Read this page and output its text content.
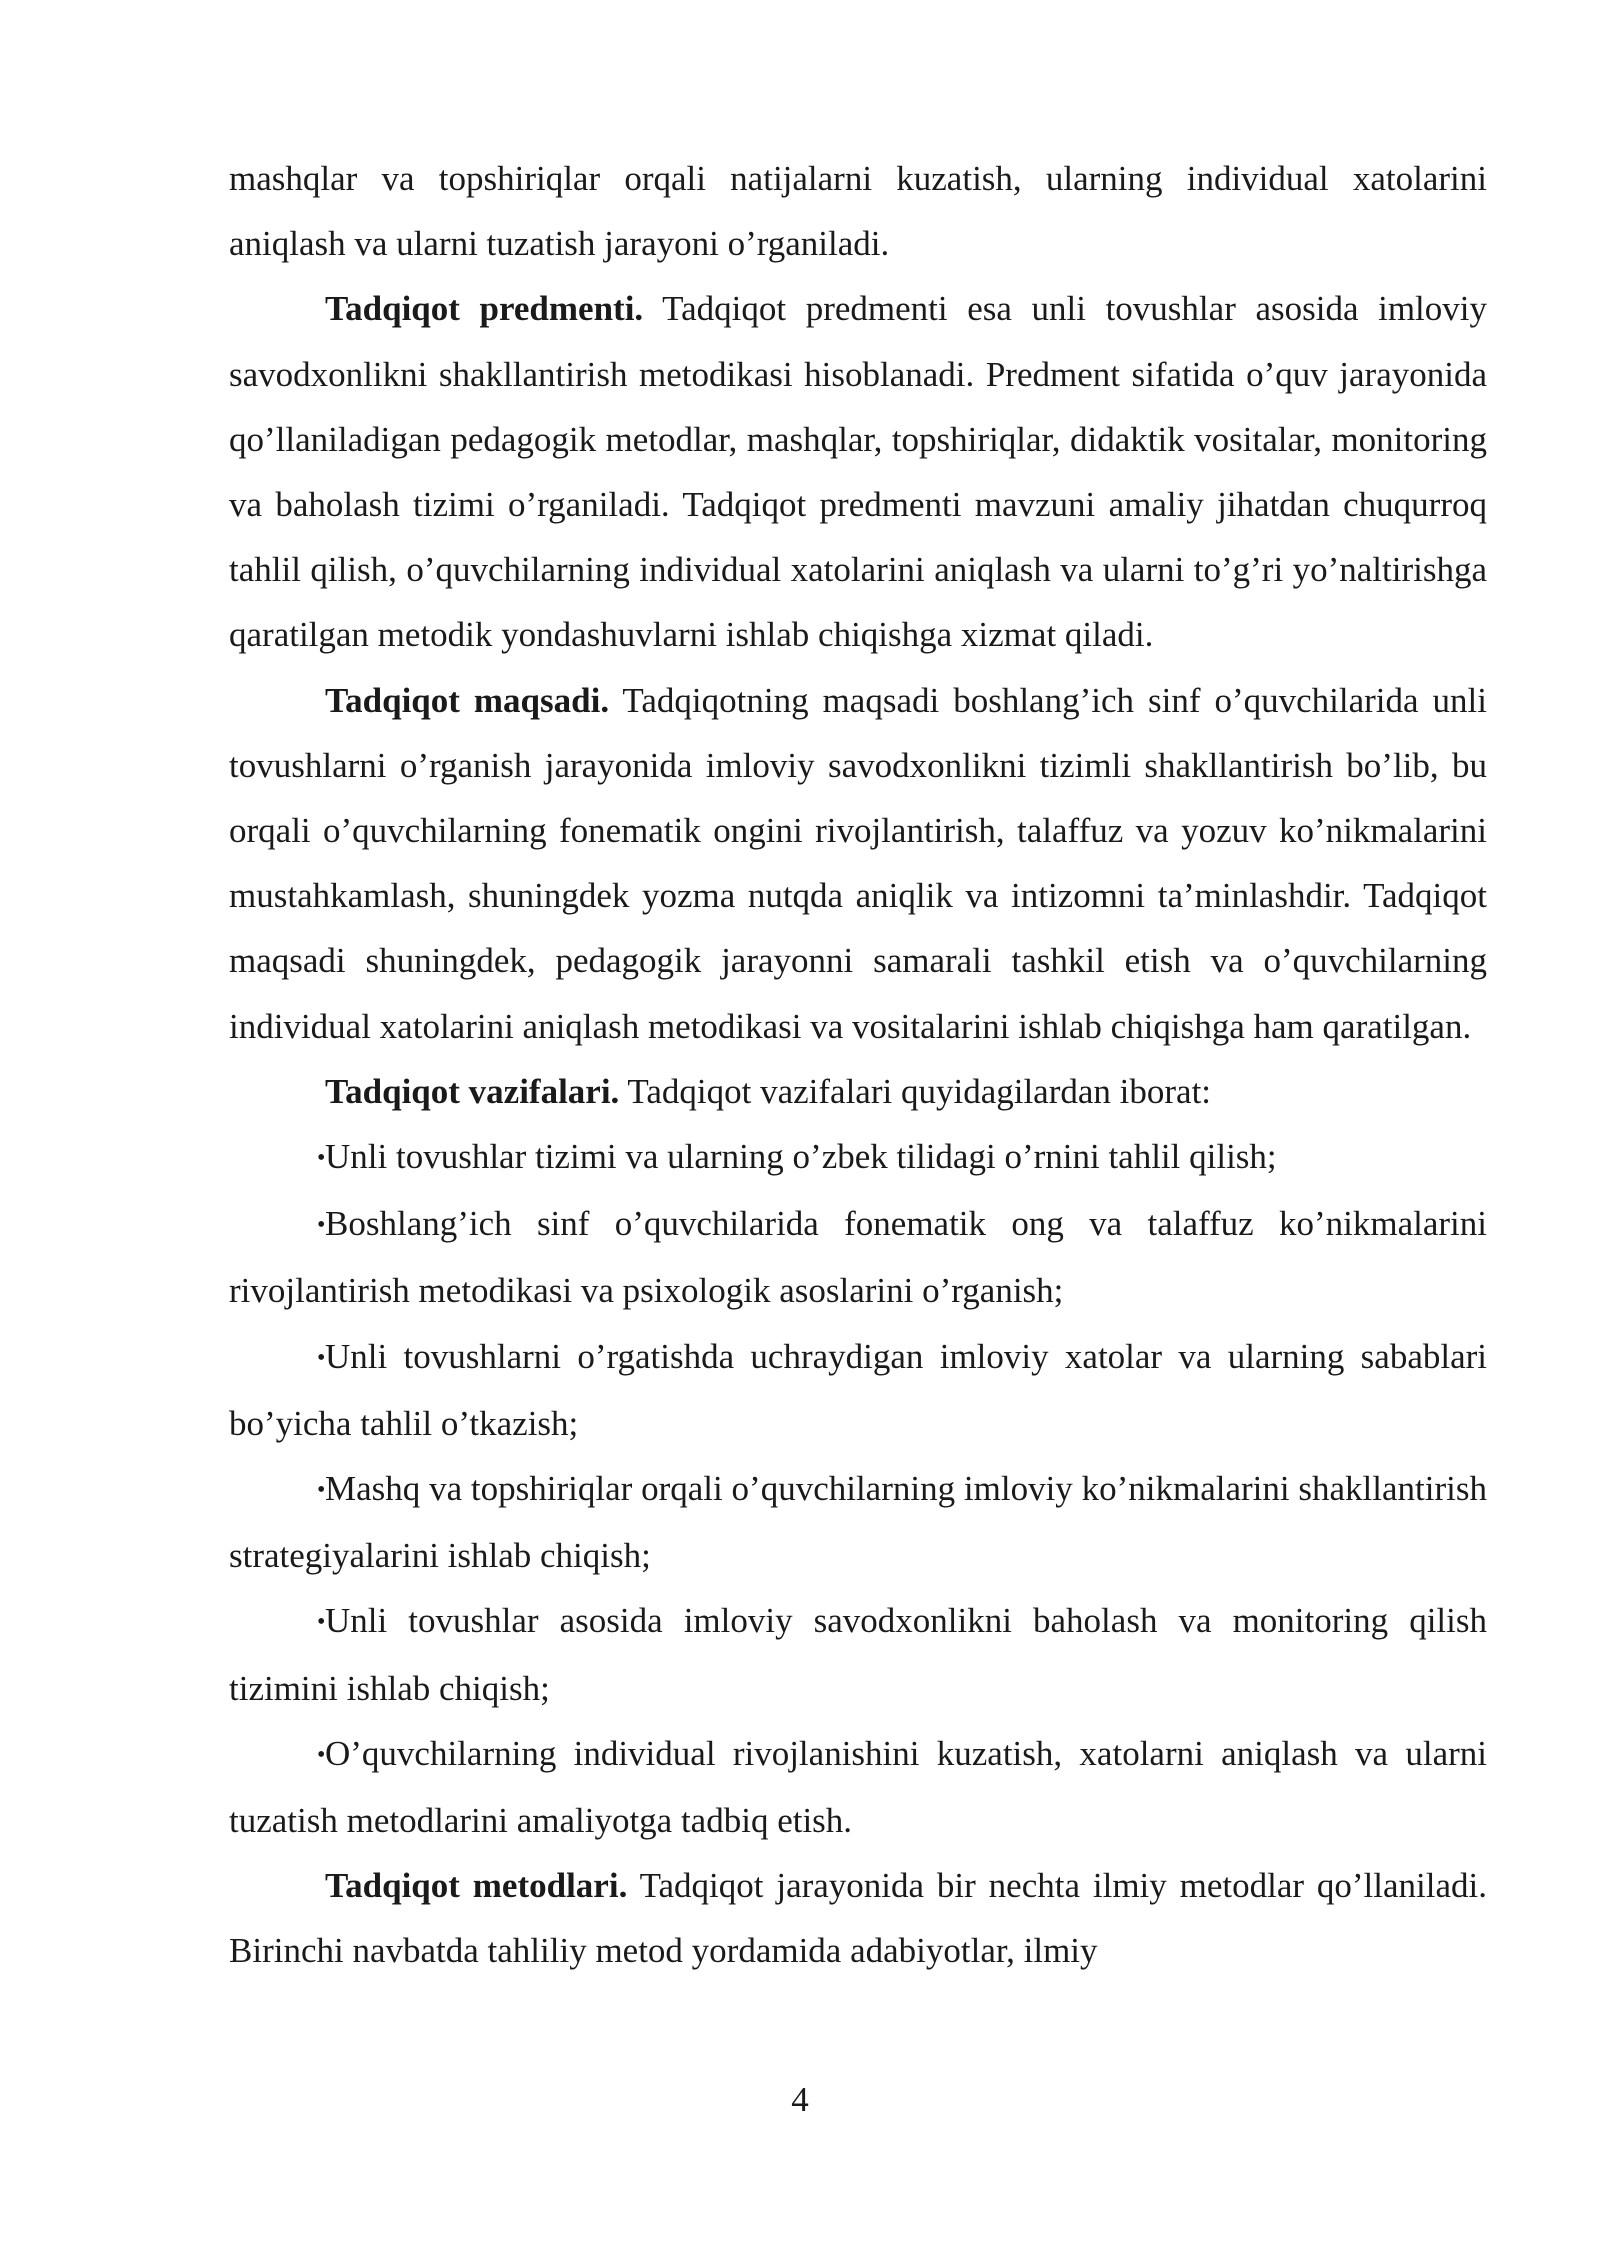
mashqlar va topshiriqlar orqali natijalarni kuzatish, ularning individual xatolarini aniqlash va ularni tuzatish jarayoni o’rganiladi.

Tadqiqot predmenti. Tadqiqot predmenti esa unli tovushlar asosida imloviy savodxonlikni shakllantirish metodikasi hisoblanadi. Predment sifatida o’quv jarayonida qo’llaniladigan pedagogik metodlar, mashqlar, topshiriqlar, didaktik vositalar, monitoring va baholash tizimi o’rganiladi. Tadqiqot predmenti mavzuni amaliy jihatdan chuqurroq tahlil qilish, o’quvchilarning individual xatolarini aniqlash va ularni to’g’ri yo’naltirishga qaratilgan metodik yondashuvlarni ishlab chiqishga xizmat qiladi.

Tadqiqot maqsadi. Tadqiqotning maqsadi boshlang’ich sinf o’quvchilarida unli tovushlarni o’rganish jarayonida imloviy savodxonlikni tizimli shakllantirish bo’lib, bu orqali o’quvchilarning fonematik ongini rivojlantirish, talaffuz va yozuv ko’nikmalarini mustahkamlash, shuningdek yozma nutqda aniqlik va intizomni ta’minlashdir. Tadqiqot maqsadi shuningdek, pedagogik jarayonni samarali tashkil etish va o’quvchilarning individual xatolarini aniqlash metodikasi va vositalarini ishlab chiqishga ham qaratilgan.

Tadqiqot vazifalari. Tadqiqot vazifalari quyidagilardan iborat:

•Unli tovushlar tizimi va ularning o’zbek tilidagi o’rnini tahlil qilish;

•Boshlang’ich sinf o’quvchilarida fonematik ong va talaffuz ko’nikmalarini rivojlantirish metodikasi va psixologik asoslarini o’rganish;

•Unli tovushlarni o’rgatishda uchraydigan imloviy xatolar va ularning sabablari bo’yicha tahlil o’tkazish;

•Mashq va topshiriqlar orqali o’quvchilarning imloviy ko’nikmalarini shakllantirish strategiyalarini ishlab chiqish;

•Unli tovushlar asosida imloviy savodxonlikni baholash va monitoring qilish tizimini ishlab chiqish;

•O’quvchilarning individual rivojlanishini kuzatish, xatolarni aniqlash va ularni tuzatish metodlarini amaliyotga tadbiq etish.

Tadqiqot metodlari. Tadqiqot jarayonida bir nechta ilmiy metodlar qo’llaniladi. Birinchi navbatda tahliliy metod yordamida adabiyotlar, ilmiy

4
